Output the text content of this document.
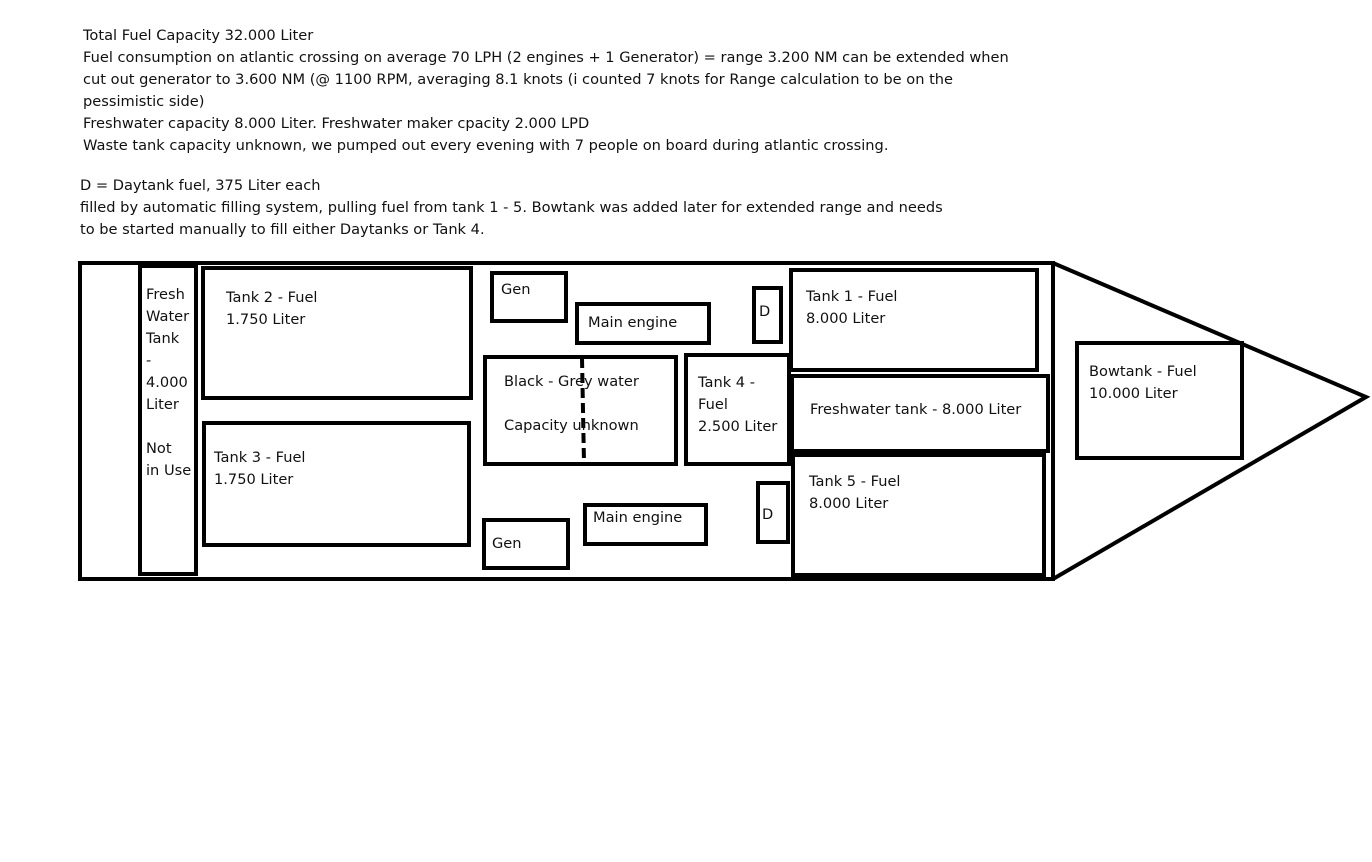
Total Fuel Capacity 32.000 Liter
Fuel consumption on atlantic crossing on average 70 LPH (2 engines + 1 Generator) = range 3.200 NM can be extended when
cut out generator to 3.600 NM (@ 1100 RPM, averaging 8.1 knots (i counted 7 knots for Range calculation to be on the
pessimistic side)
Freshwater capacity 8.000 Liter. Freshwater maker cpacity 2.000 LPD
Waste tank capacity unknown, we pumped out every evening with 7 people on board during atlantic crossing.
D = Daytank fuel, 375 Liter each
filled by automatic filling system, pulling fuel from tank 1 - 5. Bowtank was added later for extended range and needs
to be started manually to fill either Daytanks or Tank 4.
Fresh
Water
Tank
-
4.000
Liter
Not
in Use
Tank 2 - Fuel
1.750 Liter
Tank 3 - Fuel
1.750 Liter
Gen
Main engine
Black - Grey water
Capacity unknown
Tank 4 -
Fuel
2.500 Liter
Gen
Main engine
D
D
Tank 1 - Fuel
8.000 Liter
Freshwater tank - 8.000 Liter
Tank 5 - Fuel
8.000 Liter
Bowtank - Fuel
10.000 Liter
